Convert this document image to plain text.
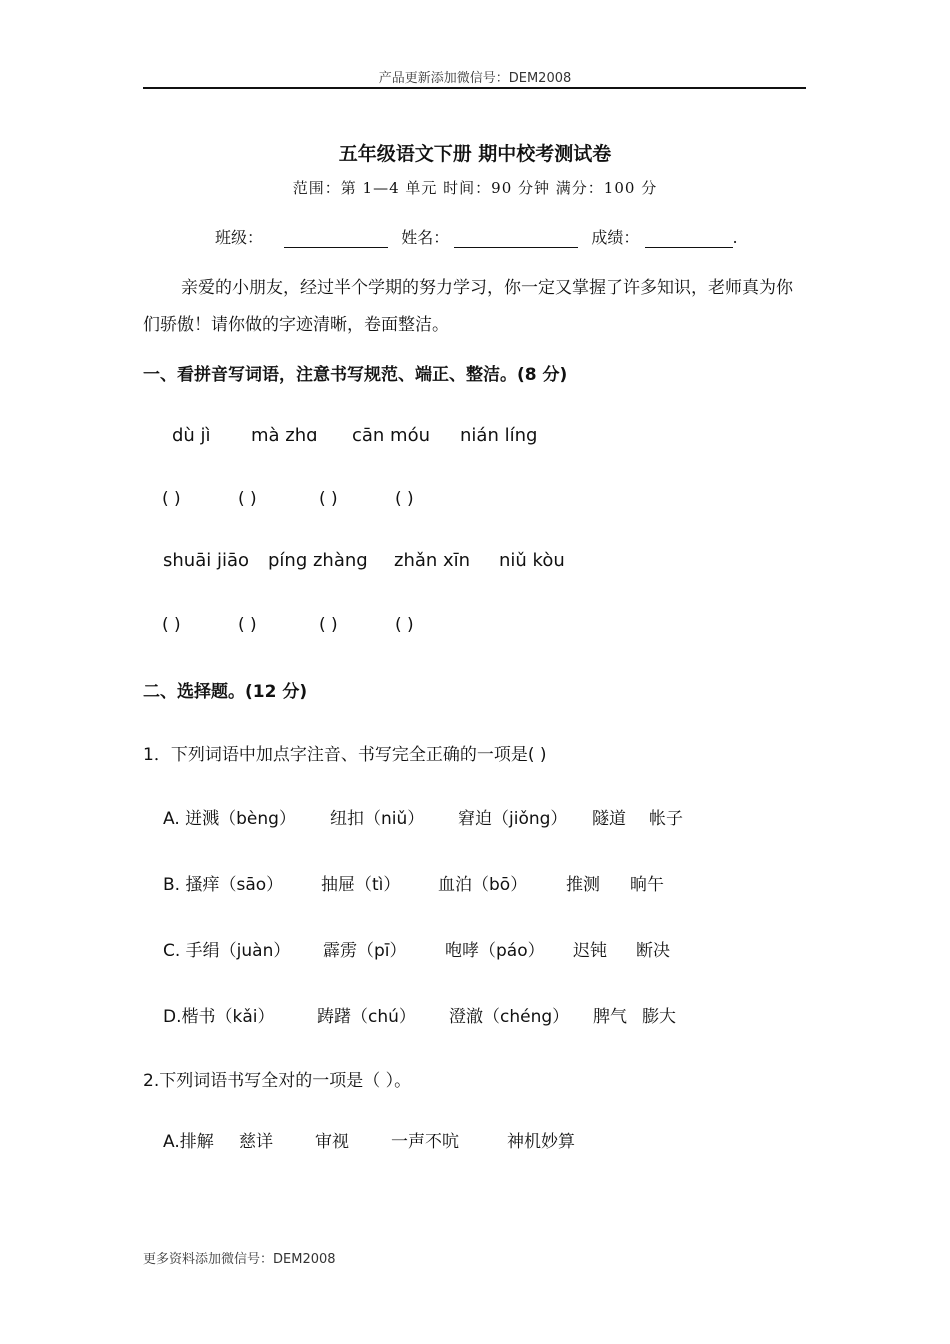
产品更新添加微信号：DEM2008
五年级语文下册 期中校考测试卷
范围：第 1—4 单元 时间：90 分钟 满分：100 分
班级：	姓名：	成绩：	.
亲爱的小朋友，经过半个学期的努力学习，你一定又掌握了许多知识，老师真为你们骄傲！请你做的字迹清晰，卷面整洁。
一、看拼音写词语，注意书写规范、端正、整洁。(8 分)
dù jì mà zhɑ cān móu nián líng
( )	( )	( )	( )
shuāi jiāo píng zhàng zhǎn xīn niǔ kòu
( )	( )	( )	( )
二、选择题。(12 分)
1．下列词语中加点字注音、书写完全正确的一项是( )
A. 迸溅（bèng） 纽扣（niǔ） 窘迫（jiǒng） 隧道 帐子
B. 搔痒（sāo） 抽屉（tì） 血泊（bō） 推测 晌午
C. 手绢（juàn） 霹雳（pī） 咆哮（páo） 迟钝 断决
D.楷书（kǎi）	踌躇（chú） 澄澈（chéng） 脾气 膨大
2.下列词语书写全对的一项是（ ）。
A.排解 慈详 审视 一声不吭	神机妙算
更多资料添加微信号：DEM2008
